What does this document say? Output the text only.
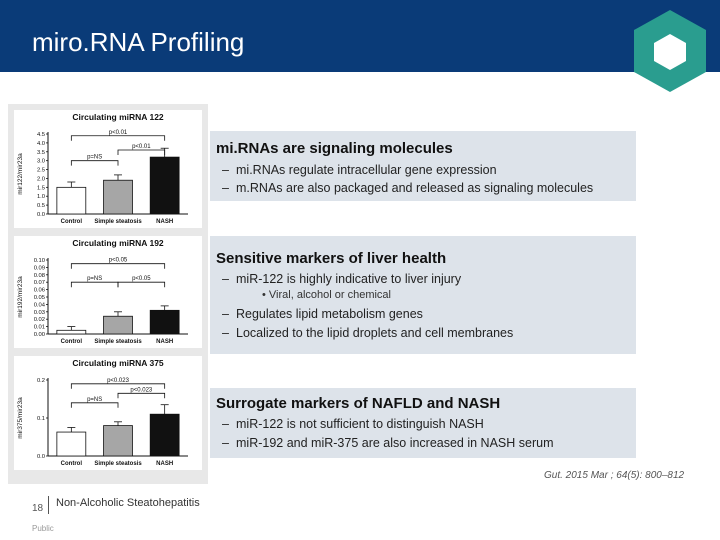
miro.RNA Profiling
Circulating miRNA 122
mir122/mir23a
0.0
0.5
1.0
1.5
2.0
2.5
3.0
3.5
4.0
4.5
Control Simple steatosis NASH
p<0.01
p=NS
p<0.01
Circulating miRNA 192
mir192/mir23a
0.00
0.01
0.02
0.03
0.04
0.05
0.06
0.07
0.08
0.09
0.10
Control Simple steatosis NASH
p<0.05
p=NS	p<0.05
Circulating miRNA 375
mir375/mir23a
0.0
0.1
0.2
Control Simple steatosis NASH
p<0.023
p=NS
p<0.023
mi.RNAs are signaling molecules
– mi.RNAs regulate intracellular gene expression
– m.RNAs are also packaged and released as signaling molecules
Sensitive markers of liver health
– miR-122 is highly indicative to liver injury
• Viral, alcohol or chemical
– Regulates lipid metabolism genes
– Localized to the lipid droplets and cell membranes
Surrogate markers of NAFLD and NASH
– miR-122 is not sufficient to distinguish NASH
– miR-192 and miR-375 are also increased in NASH serum
Gut. 2015 Mar ; 64(5): 800–812
18 Non-Alcoholic Steatohepatitis
Public
